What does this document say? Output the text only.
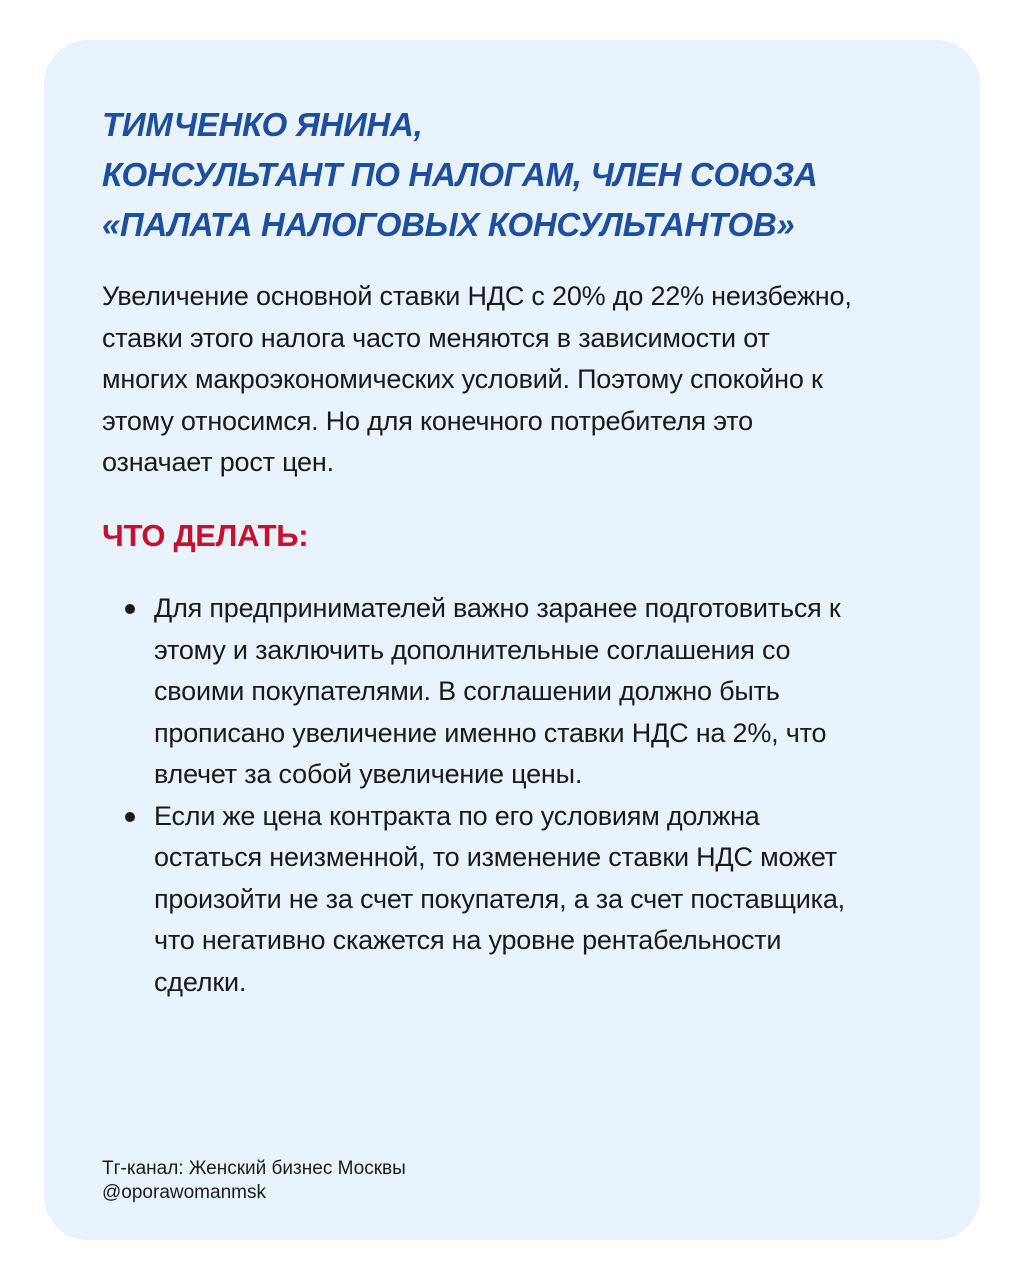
ТИМЧЕНКО ЯНИНА,
КОНСУЛЬТАНТ ПО НАЛОГАМ, ЧЛЕН СОЮЗА
«ПАЛАТА НАЛОГОВЫХ КОНСУЛЬТАНТОВ»

Увеличение основной ставки НДС с 20% до 22% неизбежно,
ставки этого налога часто меняются в зависимости от
многих макроэкономических условий. Поэтому спокойно к
этому относимся. Но для конечного потребителя это
означает рост цен.

ЧТО ДЕЛАТЬ:
Для предпринимателей важно заранее подготовиться к
этому и заключить дополнительные соглашения со
своими покупателями. В соглашении должно быть
прописано увеличение именно ставки НДС на 2%, что
влечет за собой увеличение цены.
Если же цена контракта по его условиям должна
остаться неизменной, то изменение ставки НДС может
произойти не за счет покупателя, а за счет поставщика,
что негативно скажется на уровне рентабельности
сделки.
Тг-канал: Женский бизнес Москвы
@oporawomanmsk
